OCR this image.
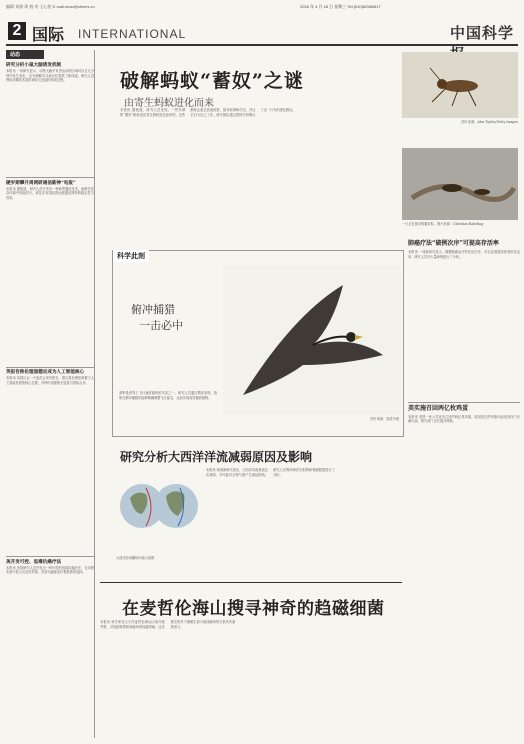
编辑 刘倩 周 校 对 王心怡 E-mail:shao@stimes.cn	2018 年 4 月 18 日 星期三 Tel:(010)62580617
2 国际 INTERNATIONAL	中国科学
动态
研究分析小鼠大脑诱发机制
本报讯 一项研究显示，动物大脑中负责运动的区域可以在几分钟内发生变化，这为理解学习和记忆提供了新线索。研究人员利用成像技术追踪神经元连接的形成过程。
硬岁斯攀升周网研通信新神“电报”
本报讯 据报道，研究人员开发出一种新型通信技术，能够在复杂环境中传输信号。该技术有望改善远程通信网络的稳定性与效率。
英报告称伦理道德应成为人工智能核心
本报讯 英国议会一个委员会发布报告，建议将伦理原则置于人工智能发展的核心位置，并呼吁加强相关监管与国际合作。
美开发可控、低毒抗癌疗法
本报讯 美国研究人员开发出一种可控的低毒抗癌疗法，在动物实验中显示出良好效果，有望为癌症治疗提供新的选择。
破解蚂蚁“蓄奴”之谜
由寄生蚂蚁进化而来
图片来源：Alex Tayler/Getty Images
本报讯 据报道，研究人员发现，一些所谓的“蓄奴”蚂蚁是由寄生蚂蚁进化而来的。这些蚂蚁会袭击其他蚁群，掠夺蚁卵和幼虫，并让它们为自己工作。研究团队通过基因分析揭示了这一行为的进化路径。
一只正在掠夺的蓄奴蚁。图片来源：Christian Rabeling
科学此刻
俯冲捕猎
一击必中
图片来源：视觉中国
游隼是世界上飞行速度最快的鸟类之一。研究人员通过模拟发现，游隼在俯冲捕猎时能够精确调整飞行姿态，从而实现高效捕获猎物。
肺癌疗法“破例次序”可提高存活率
本报讯 一项新研究显示，调整肺癌治疗的先后次序，可以显著提高患者的存活率。研究人员对大量病例进行了分析。
美实施召回两亿枚鸡蛋
本报讯 美国一家公司宣布召回约两亿枚鸡蛋，原因是这些鸡蛋可能受到沙门氏菌污染。相关部门正在展开调查。
研究分析大西洋洋流减弱原因及影响
大西洋经向翻转环流示意图
本报讯 两项新研究指出，大西洋洋流系统正在减弱，并可能对全球气候产生深远影响。研究人员利用海洋沉积物和观测数据进行了分析。
在麦哲伦海山搜寻神奇的趋磁细菌
本报讯 科学家在太平洋麦哲伦海山区域开展考察，寻找能够感知地磁场的趋磁细菌。这类微生物对于理解生命与地球磁场的关系具有重要意义。
